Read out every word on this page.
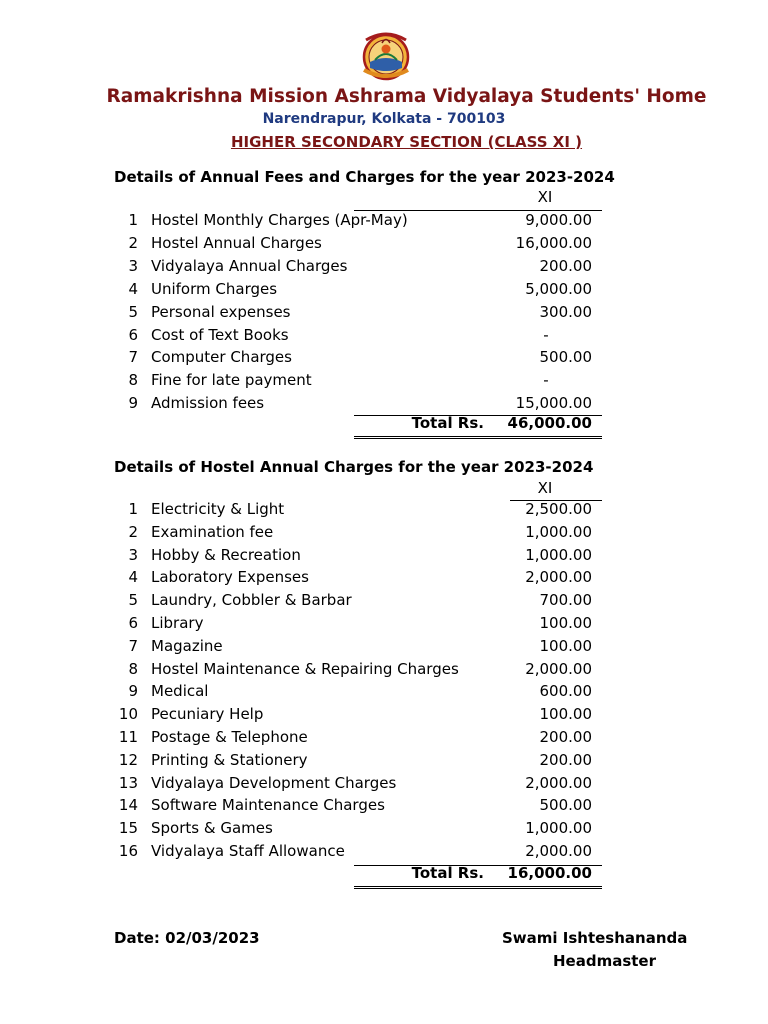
Ramakrishna Mission Ashrama Vidyalaya Students' Home
Narendrapur, Kolkata - 700103
HIGHER SECONDARY SECTION (CLASS XI )
Details of Annual Fees and Charges for the year 2023-2024
XI
1 Hostel Monthly Charges (Apr-May)	9,000.00
2 Hostel Annual Charges	16,000.00
3 Vidyalaya Annual Charges	200.00
4 Uniform Charges	5,000.00
5 Personal expenses	300.00
6 Cost of Text Books	-
7 Computer Charges	500.00
8 Fine for late payment	-
9 Admission fees	15,000.00
Total Rs.	46,000.00
Details of Hostel Annual Charges for the year 2023-2024
XI
1 Electricity & Light	2,500.00
2 Examination fee	1,000.00
3 Hobby & Recreation	1,000.00
4 Laboratory Expenses	2,000.00
5 Laundry, Cobbler & Barbar	700.00
6 Library	100.00
7 Magazine	100.00
8 Hostel Maintenance & Repairing Charges	2,000.00
9 Medical	600.00
10 Pecuniary Help	100.00
11 Postage & Telephone	200.00
12 Printing & Stationery	200.00
13 Vidyalaya Development Charges	2,000.00
14 Software Maintenance Charges	500.00
15 Sports & Games	1,000.00
16 Vidyalaya Staff Allowance	2,000.00
Total Rs.	16,000.00
Date: 02/03/2023	Swami Ishteshananda
Headmaster
